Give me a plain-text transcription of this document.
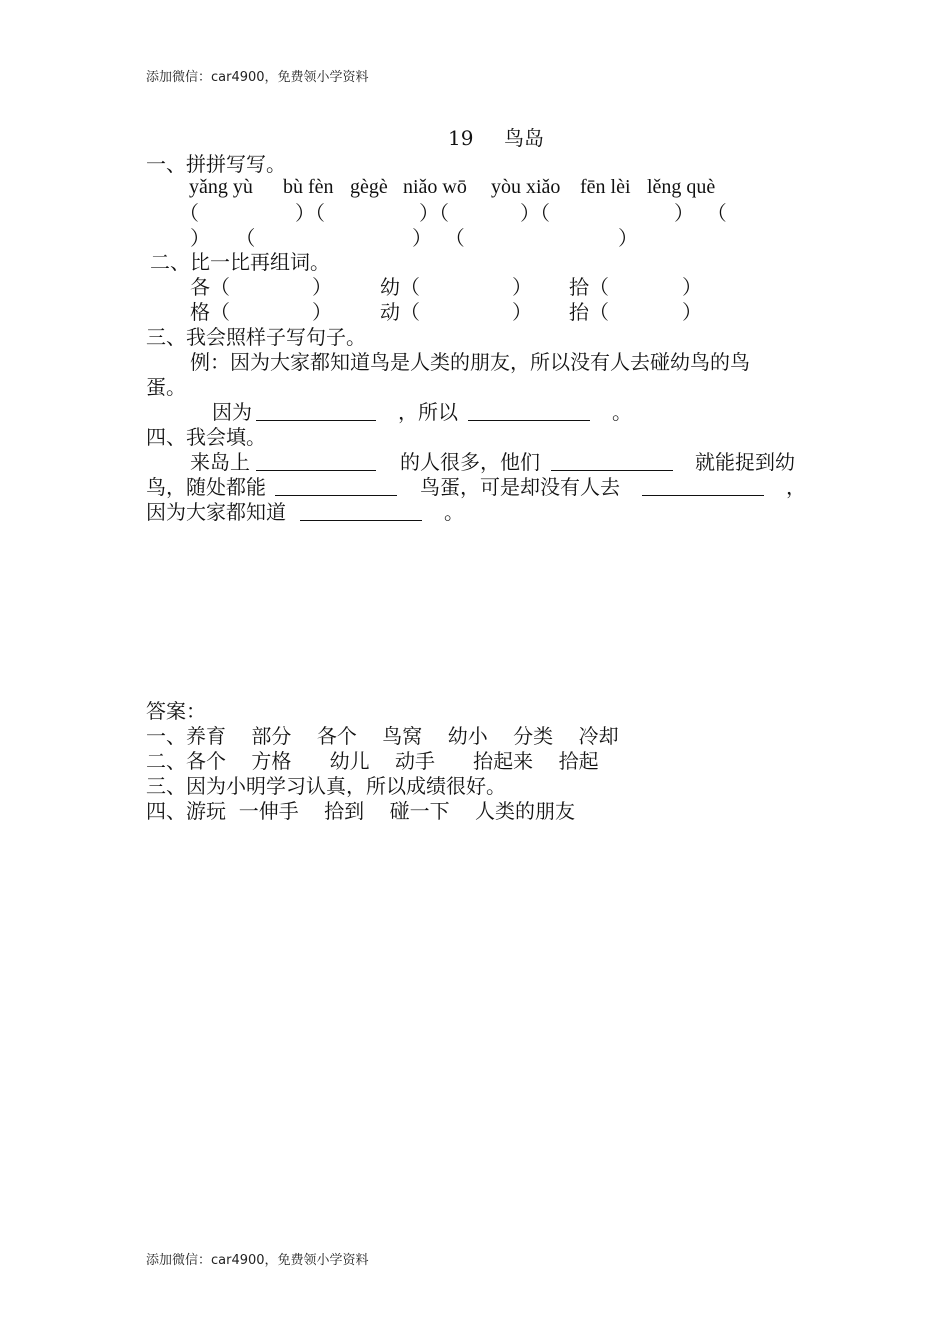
添加微信：car4900，免费领小学资料
19 鸟岛
一、拼拼写写。
yǎng yù bù fèn gègè niǎo wō yòu xiǎo fēn lèi lěng què
（	）（	）（	）（	）  （
）    （	）  （	）
二、比一比再组词。
各（	） 幼（	） 拾（	）
格（	） 动（	） 抬（	）
三、我会照样子写句子。
例：因为大家都知道鸟是人类的朋友，所以没有人去碰幼鸟的鸟
蛋。
因为	，所以	。
四、我会填。
来岛上	的人很多，他们	就能捉到幼
鸟，随处都能	鸟蛋，可是却没有人去	，
因为大家都知道	。
答案：
一、养育    部分    各个    鸟窝    幼小    分类    冷却
二、各个    方格      幼儿    动手      抬起来    拾起
三、因为小明学习认真，所以成绩很好。
四、游玩  一伸手    拾到    碰一下    人类的朋友
添加微信：car4900，免费领小学资料
